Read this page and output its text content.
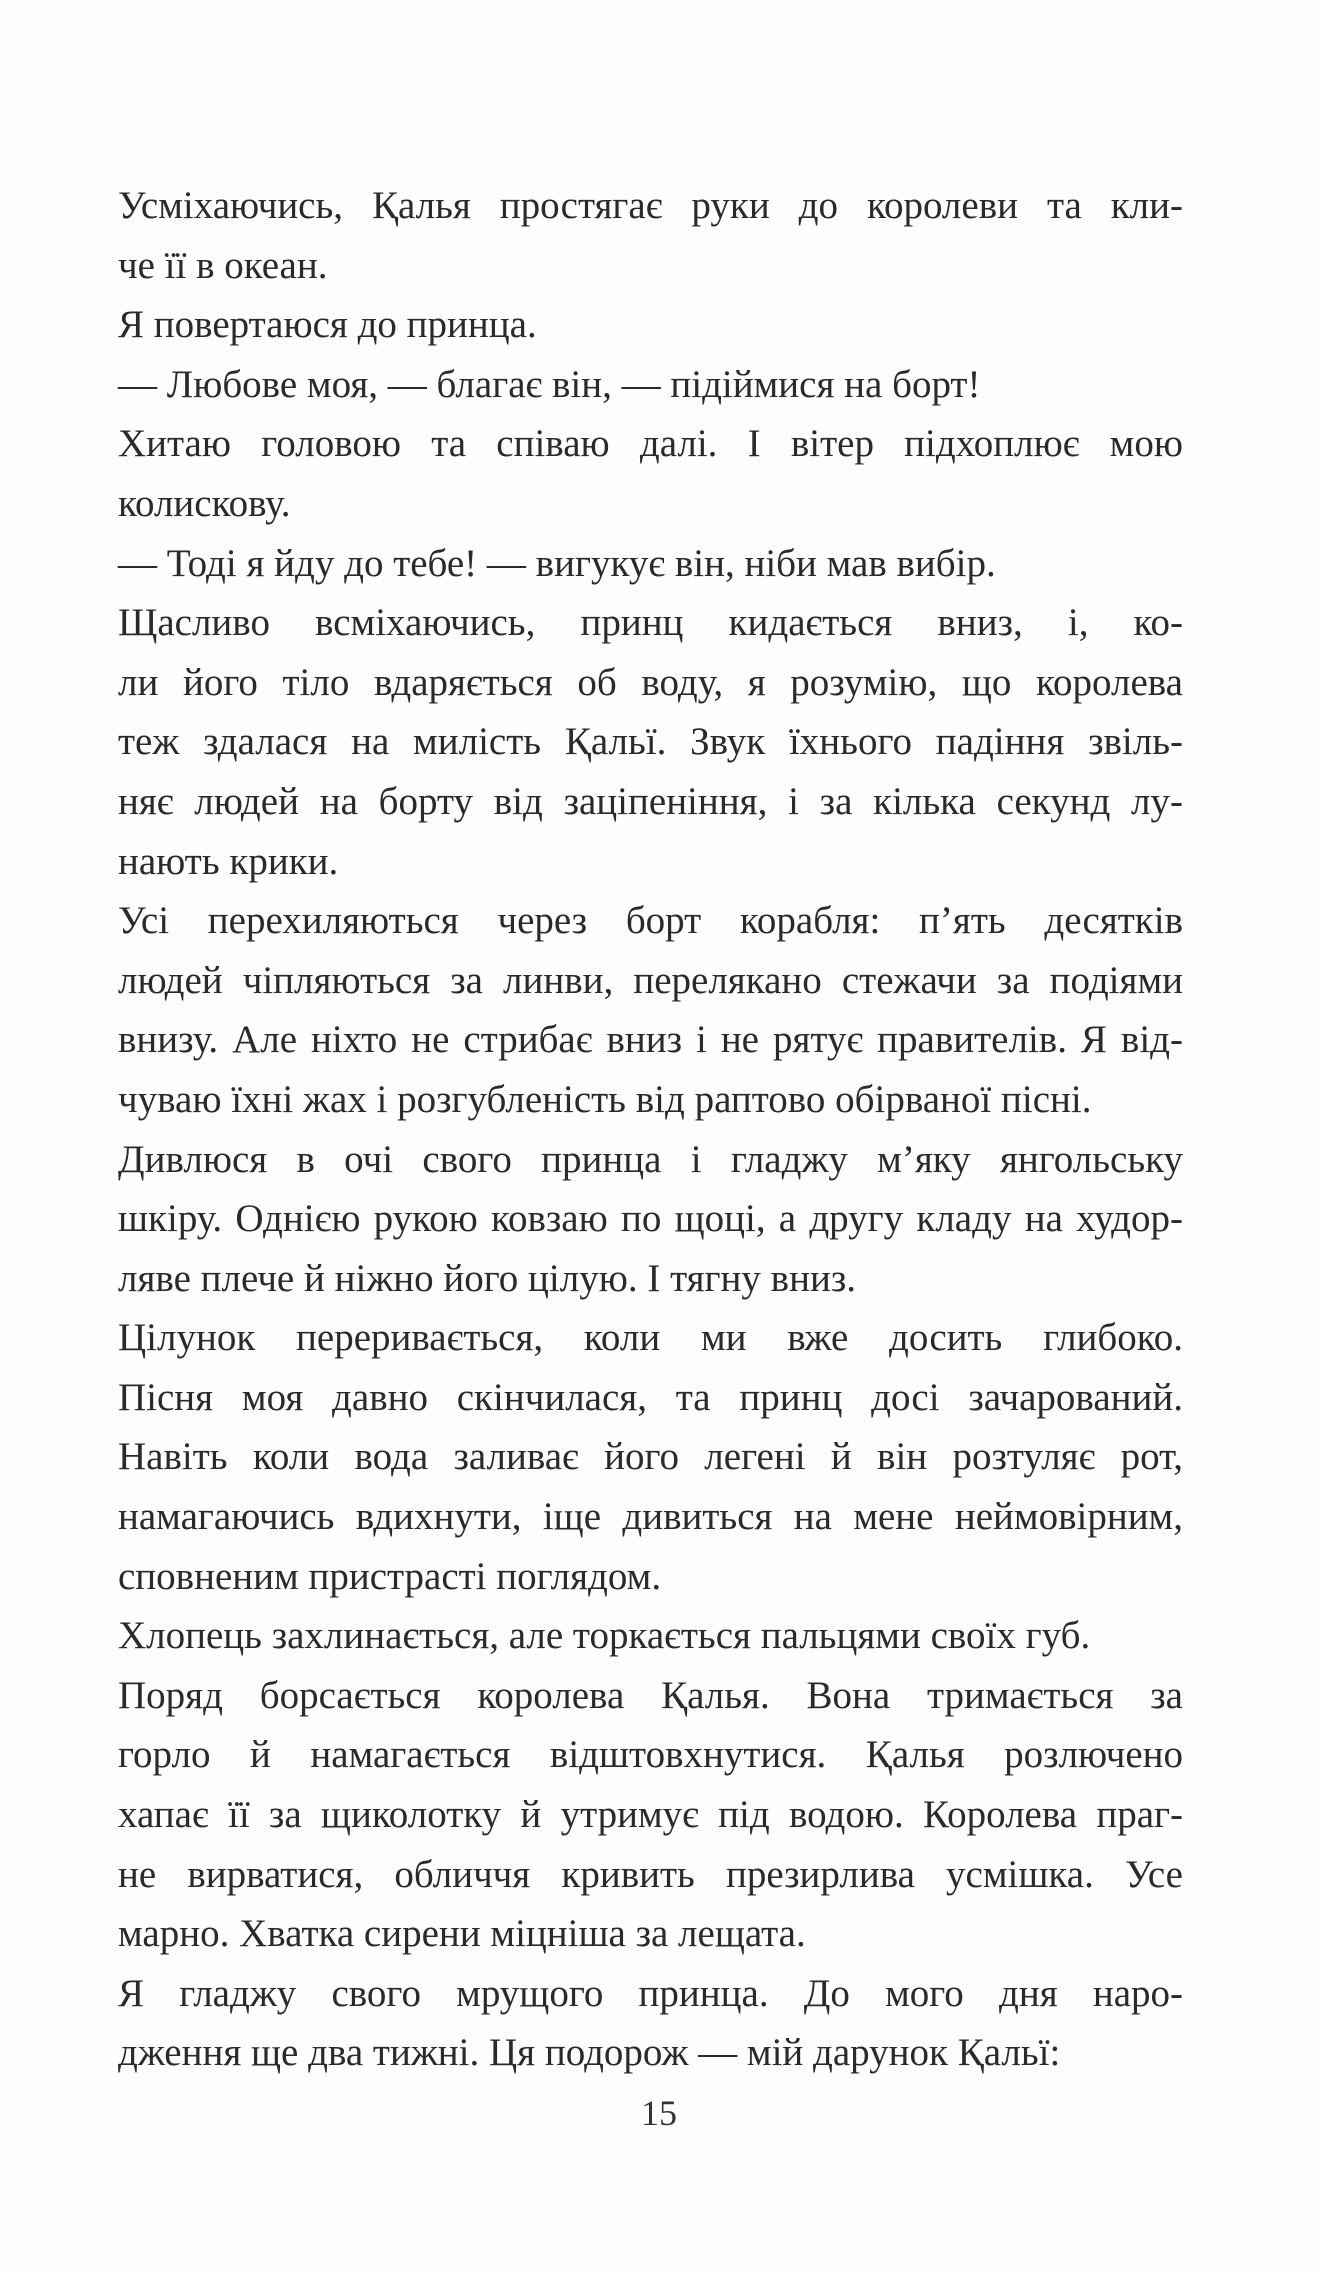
Усміхаючись, Қалья простягає руки до королеви та кли-
че її в океан.
Я повертаюся до принца.
— Любове моя, — благає він, — підіймися на борт!
Хитаю головою та співаю далі. І вітер підхоплює мою
колискову.
— Тоді я йду до тебе! — вигукує він, ніби мав вибір.
Щасливо всміхаючись, принц кидається вниз, і, ко-
ли його тіло вдаряється об воду, я розумію, що королева
теж здалася на милість Қальї. Звук їхнього падіння звіль-
няє людей на борту від заціпеніння, і за кілька секунд лу-
нають крики.
Усі перехиляються через борт корабля: п’ять десятків
людей чіпляються за линви, перелякано стежачи за подіями
внизу. Але ніхто не стрибає вниз і не рятує правителів. Я від-
чуваю їхні жах і розгубленість від раптово обірваної пісні.
Дивлюся в очі свого принца і гладжу м’яку янгольську
шкіру. Однією рукою ковзаю по щоці, а другу кладу на худор-
ляве плече й ніжно його цілую. І тягну вниз.
Цілунок переривається, коли ми вже досить глибоко.
Пісня моя давно скінчилася, та принц досі зачарований.
Навіть коли вода заливає його легені й він розтуляє рот,
намагаючись вдихнути, іще дивиться на мене неймовірним,
сповненим пристрасті поглядом.
Хлопець захлинається, але торкається пальцями своїх губ.
Поряд борсається королева Қалья. Вона тримається за
горло й намагається відштовхнутися. Қалья розлючено
хапає її за щиколотку й утримує під водою. Королева праг-
не вирватися, обличчя кривить презирлива усмішка. Усе
марно. Хватка сирени міцніша за лещата.
Я гладжу свого мрущого принца. До мого дня наро-
дження ще два тижні. Ця подорож — мій дарунок Қальї:
15
